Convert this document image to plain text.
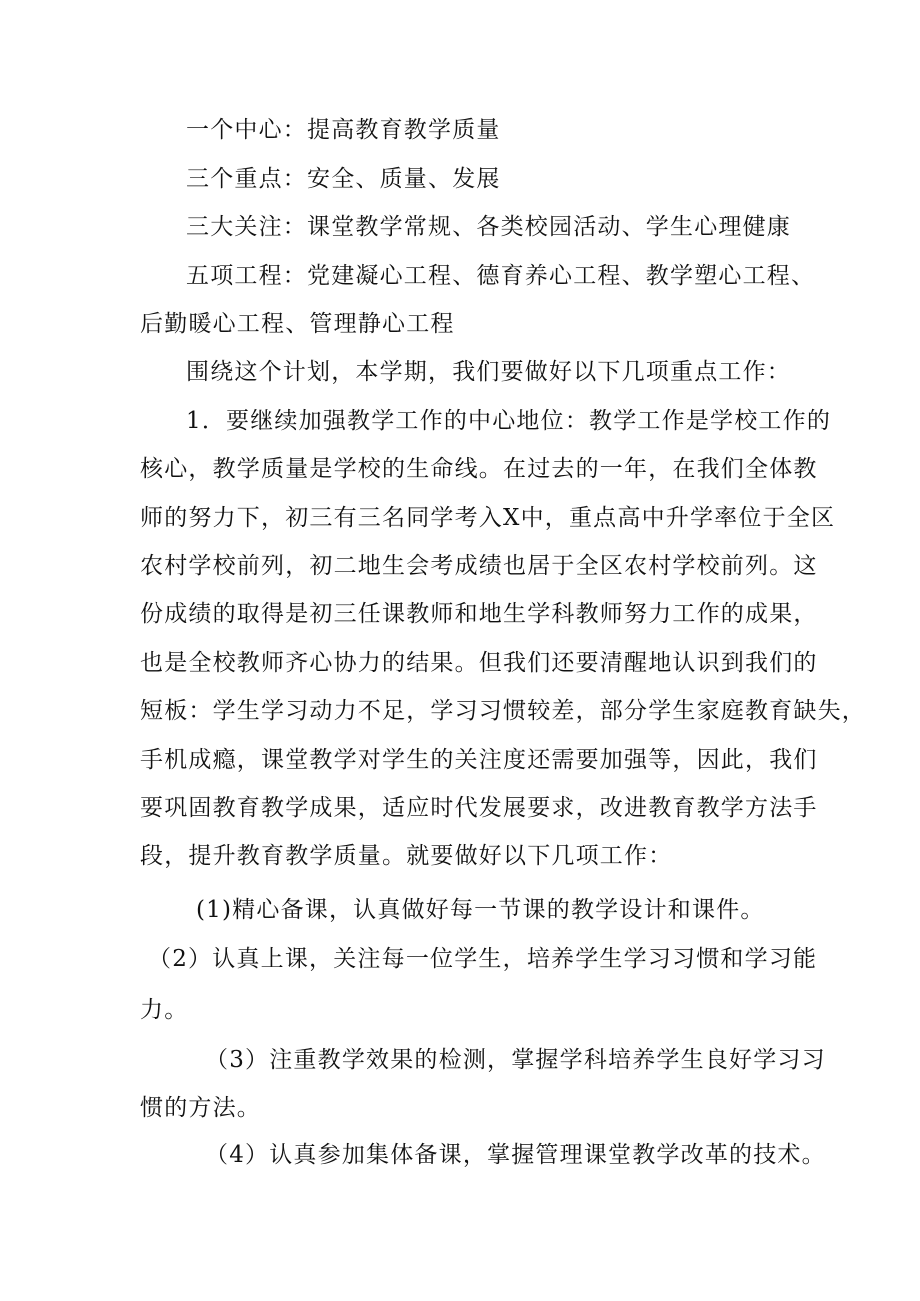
一个中心：提高教育教学质量

三个重点：安全、质量、发展

三大关注：课堂教学常规、各类校园活动、学生心理健康

五项工程：党建凝心工程、德育养心工程、教学塑心工程、

后勤暖心工程、管理静心工程

围绕这个计划，本学期，我们要做好以下几项重点工作：

1．要继续加强教学工作的中心地位：教学工作是学校工作的

核心，教学质量是学校的生命线。在过去的一年，在我们全体教

师的努力下，初三有三名同学考入X中，重点高中升学率位于全区

农村学校前列，初二地生会考成绩也居于全区农村学校前列。这

份成绩的取得是初三任课教师和地生学科教师努力工作的成果，

也是全校教师齐心协力的结果。但我们还要清醒地认识到我们的

短板：学生学习动力不足，学习习惯较差，部分学生家庭教育缺失，

手机成瘾，课堂教学对学生的关注度还需要加强等，因此，我们

要巩固教育教学成果，适应时代发展要求，改进教育教学方法手

段，提升教育教学质量。就要做好以下几项工作：

(1)精心备课，认真做好每一节课的教学设计和课件。

（2）认真上课，关注每一位学生，培养学生学习习惯和学习能

力。

（3）注重教学效果的检测，掌握学科培养学生良好学习习

惯的方法。

（4）认真参加集体备课，掌握管理课堂教学改革的技术。
